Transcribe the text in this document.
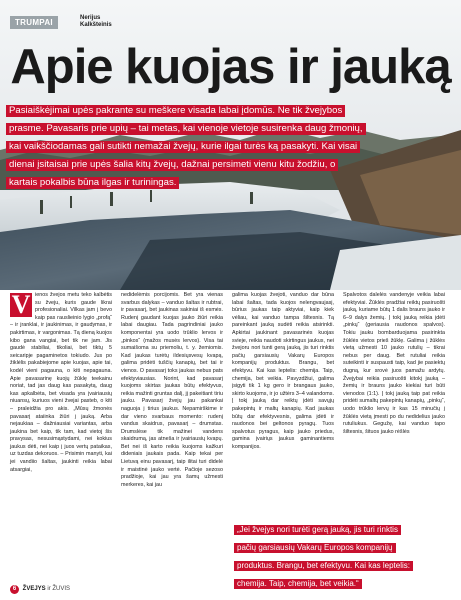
TRUMPAI	Nerijus
Kalkšteinis
Apie kuojas ir jauką
Pasiaiškėjimai upės pakrante su meškere visada labai įdomūs. Ne tik žvejybos
prasme. Pavasaris prie upių – tai metas, kai vienoje vietoje susirenka daug žmonių,
kai vaikščiodamas gali sutikti nemažai žvejų, kurie ilgai turės ką pasakyti. Kai visai
dienai įsitaisai prie upės šalia kitų žvejų, dažnai persimeti vienu kitu žodžiu, o
kartais pokalbis būna ilgas ir turiningas.
V ienos žvejos metu teko kalbėtis su žveju, kuris gaude likrai profesionaliai. Vilkas jam į bevo kaip pas rauslieinio lygio „profą“ – ir jranklai, ir jaukinimas, ir gaudymas, ir pakirtimas, ir vargonimas. Tą dieną kuojos kibo gana vangiai, bet tik ne jam. Jis gaudė stabiliai, tikoliai, bet tiktų 5 seicaripje pagaminetos tokiudo. Jus po žiklėlis pakabiejome apie kuojas, apie tai, kodėl vieni pagauna, o kiti nepagauna. Apie pavasarinę kuojų žūklę teekainu noriat, tad jas daug kas pasakytą, daug kas apkalbėta, bet visada yra įvairiausių niuansų, kuriuos vieni žvejai pasteb, o kiti – praleidžia pro akis. „Mūsų žmonės pavasarį ataiinka žiūri į jauką. Arba nejaukiaa – dažniausiai variantas, arba jaukina bet kaip, tik tam, kad vietoj šis pravysas, nesusimąstydami, nei kokius jaukus dėti, nei kaip į juos vertų pataikas, uz tuzdas dekoruos. – Prisimin manyti, kai jei vandiio šaltas, jaukinti reikia labai atsargiai,

nedidelėmis porcijomis. Bet yra vienas svarbus dalykas – vanduo šaltas ir rubtrai, ir pavasarį, bet jaukinas sakiniai iš esmės. Rudenį gaudant kuojas jauko žiūri reikia labai daugiau. Tada pagrindiniai jauko komponentai yra uodo trūklio lervos ir „pinkos“ (mažos musės lervos). Visa tai sumaišoma su priemoliu, t. y. žemiomis. Kad jaukas turėtų ildesiųsvesų kvapą, galima pridėti tuščių kanapių, bet tai ir vienos. O pavasarį toks jaukas nebus pats efektyviausias. Norint, kad pavasarį kuojoms skirtas jaukas būtų efektyvus, reikia mažinti gruntas dalį, jį pakeitiant tiriu jauku. Pavasarį žvejų jau pakankai naguoja į tirius jaukus. Nepamirškime ir dar vieno svarbaus momento: rudenį vandus skaidrus, pavasarį – drumstas. Drumslėse tik mažinei vandens skaidrumą, jas atneša ir įvairiausių kvapų. Bet nei iš karto reikia kuojoms kažkuri dideniais jaukais pada. Kaip tekai per Lietuvą einu pavasarį, taip ilitai turi didelė ir maistinė jauko vertė. Pačioje sezoso pradžioje, kai jau yra šamų užmesti merkeres, kai jau

galima kuojas žvejoti, vanduo dar būna labai šaltas, tada kuojos nelengvaujasį, būrius jaukas taip aktyviai, kaip kiek vėliau, kai vanduo tampa šiltesnis. Tą pareinkant jauką sudėti reikia atsirinkti. Apkirtai jaukinant pavasarinės kuojas svieje, reikia naudoti skirtingus jaukus, nei žvejoru nori tunti gerą jauką, jis turi rinktis pačių garsiausių Vakarų Europos kompanijų produktus. Brangu, bet efektyvu. Kai kas leptelis: chemija. Taip, chemija, bet veikia. Pavyzdžiui, galima įsigyti tik 1 kg gero ir brangaus jauko, skirto kuojoms, ir jo užtėrs 3–4 valandoms. Į tokį jauką dar reiktų įdėti savųjų pakepintų ir maltų kanapių. Kad jaukas būtų dar efektyvesnis, galima įdėti ir raudonos bei geltonos pyragų. Tuos spalvotus pyragus, kaip jauko priedus, gamina įvairiųs jaukus gaminantiems kompanijos.

Spalvotos dalelės vandenyje veikia labai efektyviai. Žūklės pradžiai reiktų pasiruošti jauką, kuriame būtų 1 dalis brauns jauko ir 6–9 dalys žemių. Į tokį jauką reikia įdėti „pinkų“ (geriausia raudonos spalvos). Tokiu jauku bombarduojama pasirinkta žūklės vietos prieš žūklę. Galima į žūklės vietą užmesti 10 jauko rutulių – tikrai nebus per daug. Bet rutuliai reikia suteikinti ir suspausti taip, kad jie pasiektų dugną, kur srovė juos pamažu ardytų. Žvejybai reikia pasiruošti kitokį jauką – žemių ir brauns jauko kiekiai turi būti vienodos (1:1). Į tokį jauką taip pat reikia pridėti sumaltų pakepintų kanapių, „pinkų“, uodo trūklio lervų ir kas 15 minučių į žūklės vietą įmesti po du nedidelius jauko rutuliukus. Gegužę, kai vanduo tapo šiltesnis, šituos jauko rėšlės

„Jei žvejys nori turėti gerą jauką, jis turi rinktis
pačių garsiausių Vakarų Europos kompanijų
produktus. Brangu, bet efektyvu. Kai kas leptelis:
chemija. Taip, chemija, bet veikia.“
6 ŽVEJYS ir ŽUVIS
